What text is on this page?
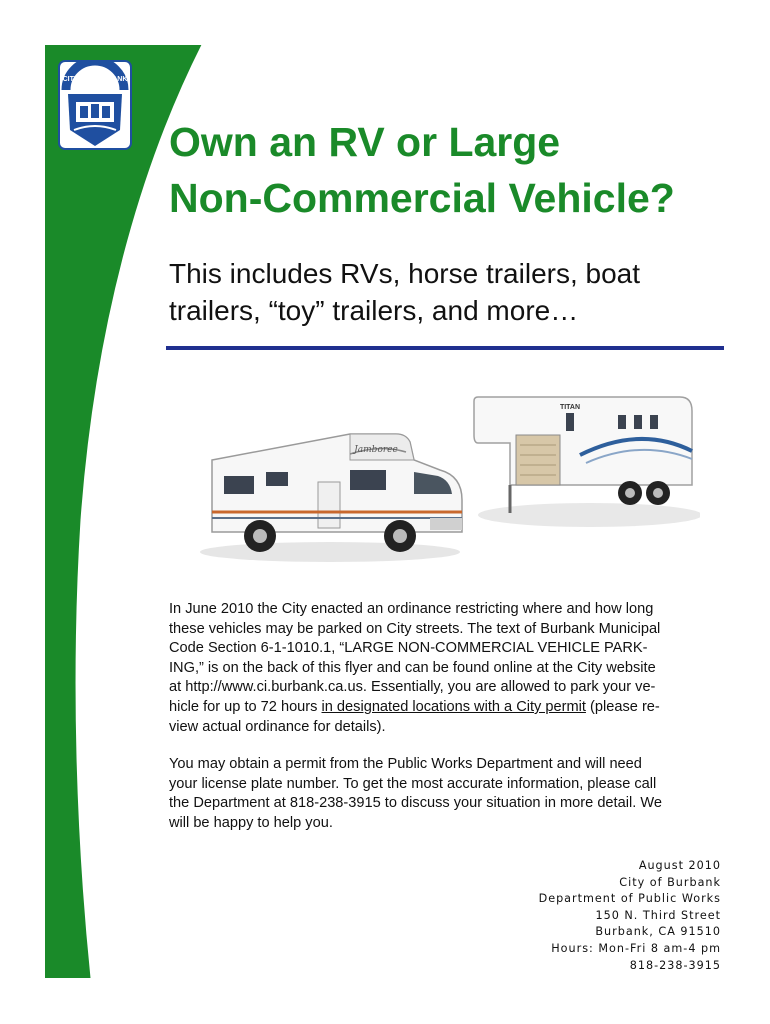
CITY OF BURBANK
Own an RV or Large
Non-Commercial Vehicle?

This includes RVs, horse trailers, boat
trailers, “toy” trailers, and more…

Jamboree
TITAN
In June 2010 the City enacted an ordinance restricting where and how long
these vehicles may be parked on City streets. The text of Burbank Municipal
Code Section 6-1-1010.1, “LARGE NON-COMMERCIAL VEHICLE PARK-
ING,” is on the back of this flyer and can be found online at the City website
at http://www.ci.burbank.ca.us. Essentially, you are allowed to park your ve-
hicle for up to 72 hours in designated locations with a City permit (please re-
view actual ordinance for details).
You may obtain a permit from the Public Works Department and will need
your license plate number. To get the most accurate information, please call
the Department at 818-238-3915 to discuss your situation in more detail. We
will be happy to help you.
August 2010
City of Burbank
Department of Public Works
150 N. Third Street
Burbank, CA 91510
Hours: Mon-Fri 8 am-4 pm
818-238-3915
